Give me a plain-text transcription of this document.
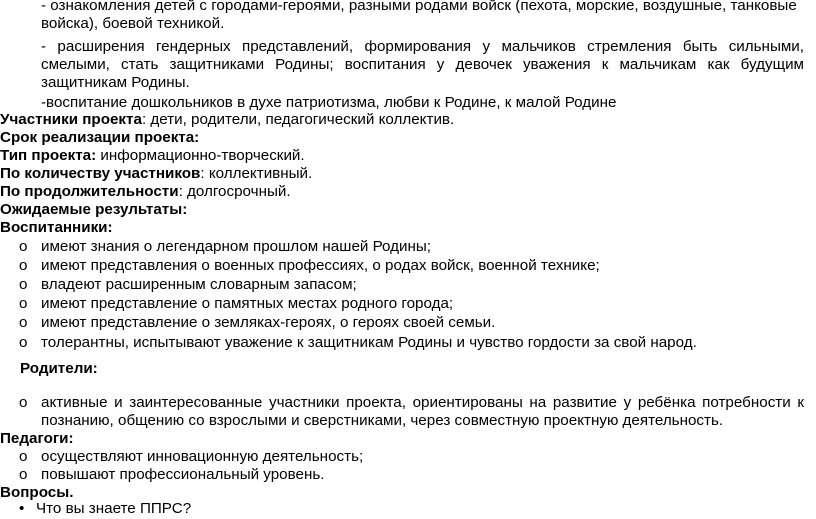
- ознакомления детей с городами-героями, разными родами войск (пехота, морские, воздушные, танковые
войска), боевой техникой.
- расширения гендерных представлений, формирования у мальчиков стремления быть сильными,
смелыми, стать защитниками Родины; воспитания у девочек уважения к мальчикам как будущим
защитникам Родины.
-воспитание дошкольников в духе патриотизма, любви к Родине, к малой Родине
Участники проекта: дети, родители, педагогический коллектив.
Срок реализации проекта:
Тип проекта: информационно-творческий.
По количеству участников: коллективный.
По продолжительности: долгосрочный.
Ожидаемые результаты:
Воспитанники:
o имеют знания о легендарном прошлом нашей Родины;
o имеют представления о военных профессиях, о родах войск, военной технике;
o владеют расширенным словарным запасом;
o имеют представление о памятных местах родного города;
o имеют представление о земляках-героях, о героях своей семьи.
o толерантны, испытывают уважение к защитникам Родины и чувство гордости за свой народ.
Родители:
o активные и заинтересованные участники проекта, ориентированы на развитие у ребёнка потребности к
познанию, общению со взрослыми и сверстниками, через совместную проектную деятельность.
Педагоги:
o осуществляют инновационную деятельность;
o повышают профессиональный уровень.
Вопросы.
• Что вы знаете ППРС?
